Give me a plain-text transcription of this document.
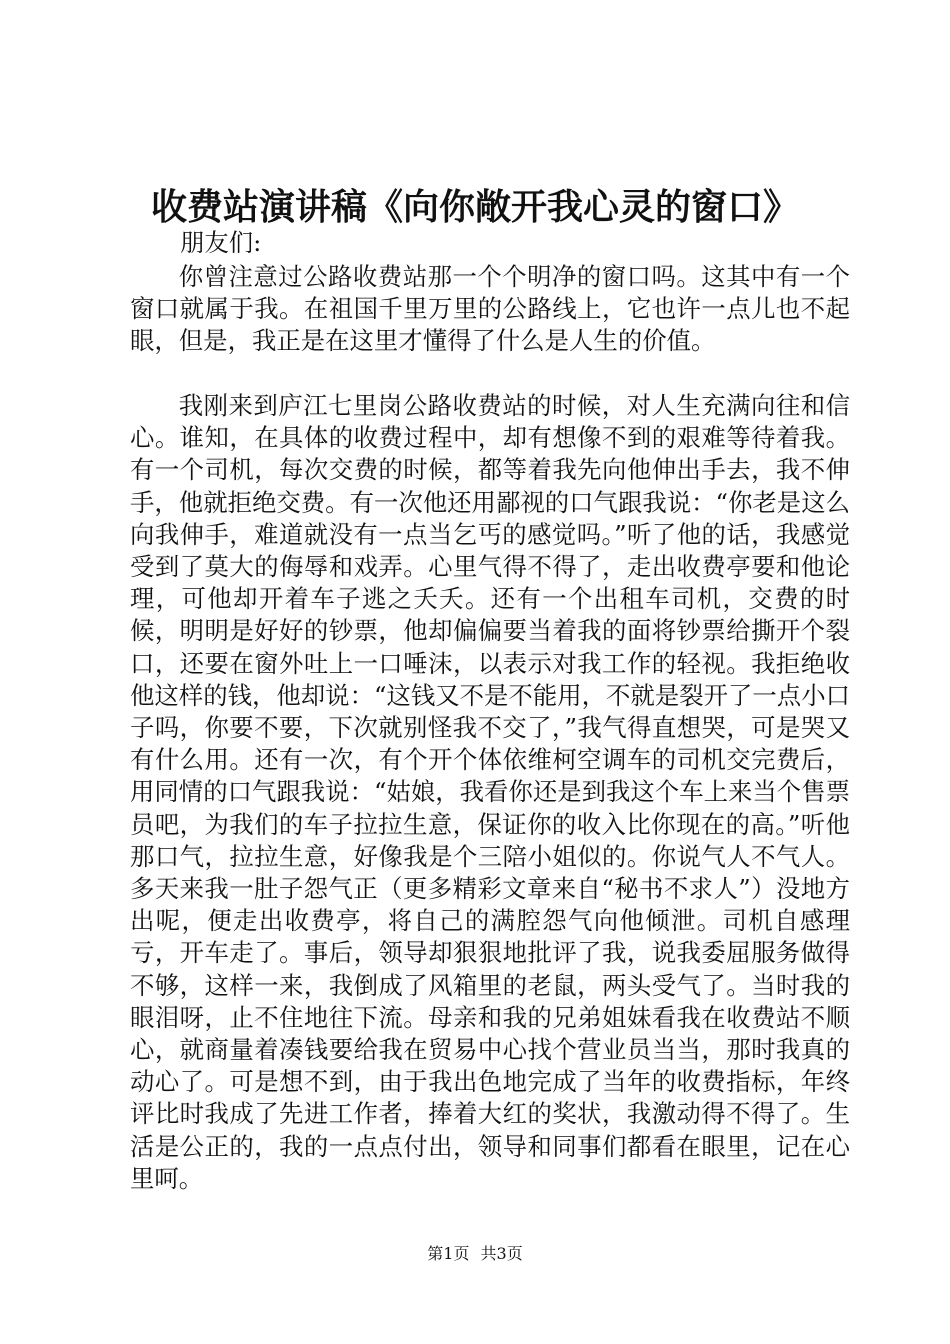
收费站演讲稿《向你敞开我心灵的窗口》
朋友们:

你曾注意过公路收费站那一个个明净的窗口吗。这其中有一个窗口就属于我。在祖国千里万里的公路线上，它也许一点儿也不起眼，但是，我正是在这里才懂得了什么是人生的价值。

我刚来到庐江七里岗公路收费站的时候，对人生充满向往和信心。谁知，在具体的收费过程中，却有想像不到的艰难等待着我。有一个司机，每次交费的时候，都等着我先向他伸出手去，我不伸手，他就拒绝交费。有一次他还用鄙视的口气跟我说：“你老是这么向我伸手，难道就没有一点当乞丐的感觉吗。”听了他的话，我感觉受到了莫大的侮辱和戏弄。心里气得不得了，走出收费亭要和他论理，可他却开着车子逃之夭夭。还有一个出租车司机，交费的时候，明明是好好的钞票，他却偏偏要当着我的面将钞票给撕开个裂口，还要在窗外吐上一口唾沫，以表示对我工作的轻视。我拒绝收他这样的钱，他却说：“这钱又不是不能用，不就是裂开了一点小口子吗，你要不要，下次就别怪我不交了，”我气得直想哭，可是哭又有什么用。还有一次，有个开个体依维柯空调车的司机交完费后，用同情的口气跟我说：“姑娘，我看你还是到我这个车上来当个售票员吧，为我们的车子拉拉生意，保证你的收入比你现在的高。”听他那口气，拉拉生意，好像我是个三陪小姐似的。你说气人不气人。多天来我一肚子怨气正（更多精彩文章来自“秘书不求人”）没地方出呢，便走出收费亭，将自己的满腔怨气向他倾泄。司机自感理亏，开车走了。事后，领导却狠狠地批评了我，说我委屈服务做得不够，这样一来，我倒成了风箱里的老鼠，两头受气了。当时我的眼泪呀，止不住地往下流。母亲和我的兄弟姐妹看我在收费站不顺心，就商量着凑钱要给我在贸易中心找个营业员当当，那时我真的动心了。可是想不到，由于我出色地完成了当年的收费指标，年终评比时我成了先进工作者，捧着大红的奖状，我激动得不得了。生活是公正的，我的一点点付出，领导和同事们都看在眼里，记在心里呵。

第1页 共3页
